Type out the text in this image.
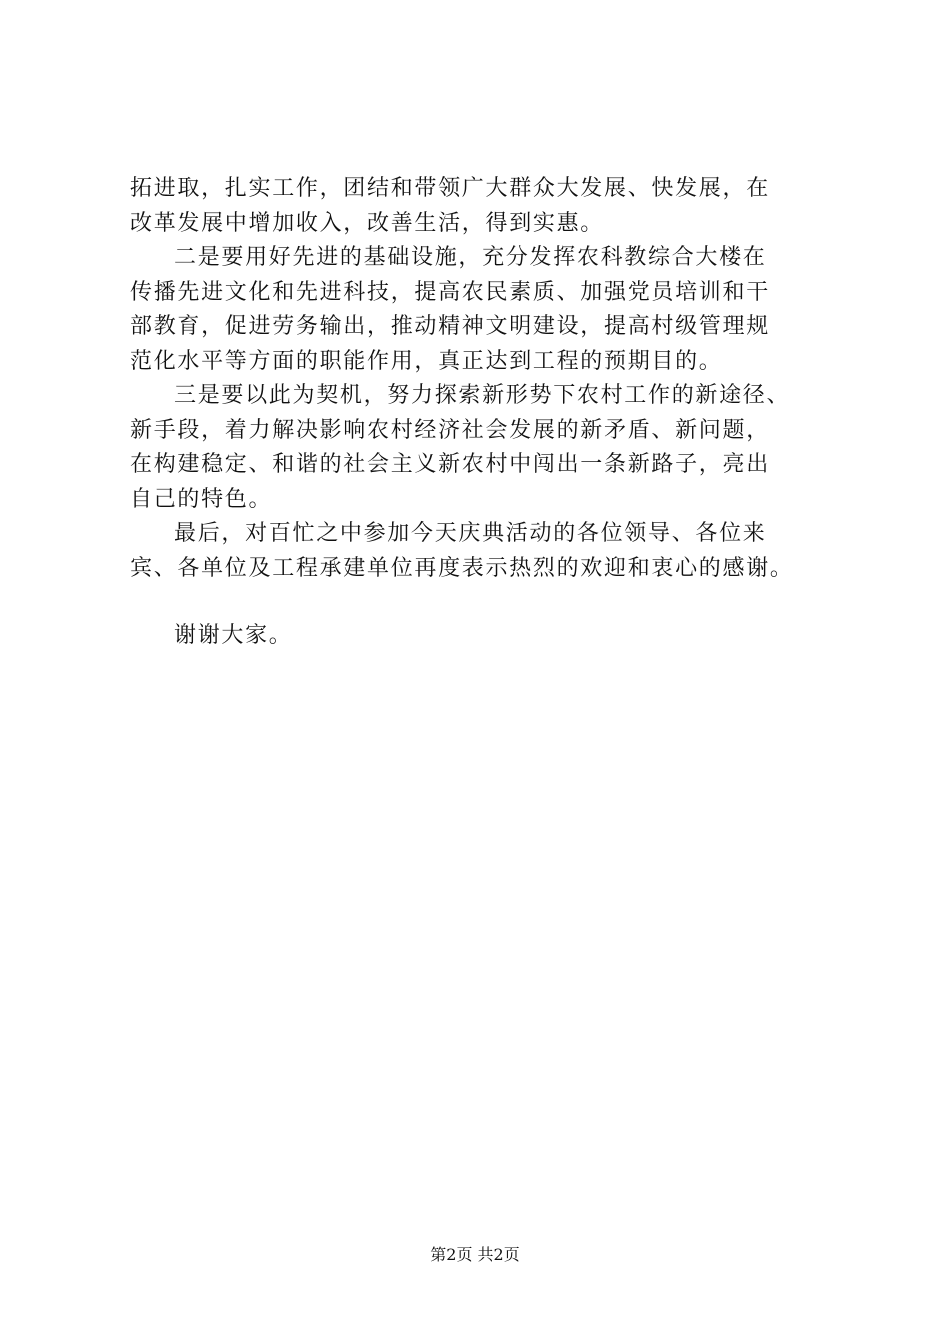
拓进取，扎实工作，团结和带领广大群众大发展、快发展，在
改革发展中增加收入，改善生活，得到实惠。
二是要用好先进的基础设施，充分发挥农科教综合大楼在
传播先进文化和先进科技，提高农民素质、加强党员培训和干
部教育，促进劳务输出，推动精神文明建设，提高村级管理规
范化水平等方面的职能作用，真正达到工程的预期目的。
三是要以此为契机，努力探索新形势下农村工作的新途径、
新手段，着力解决影响农村经济社会发展的新矛盾、新问题，
在构建稳定、和谐的社会主义新农村中闯出一条新路子，亮出
自己的特色。
最后，对百忙之中参加今天庆典活动的各位领导、各位来
宾、各单位及工程承建单位再度表示热烈的欢迎和衷心的感谢。
谢谢大家。
第2页 共2页
